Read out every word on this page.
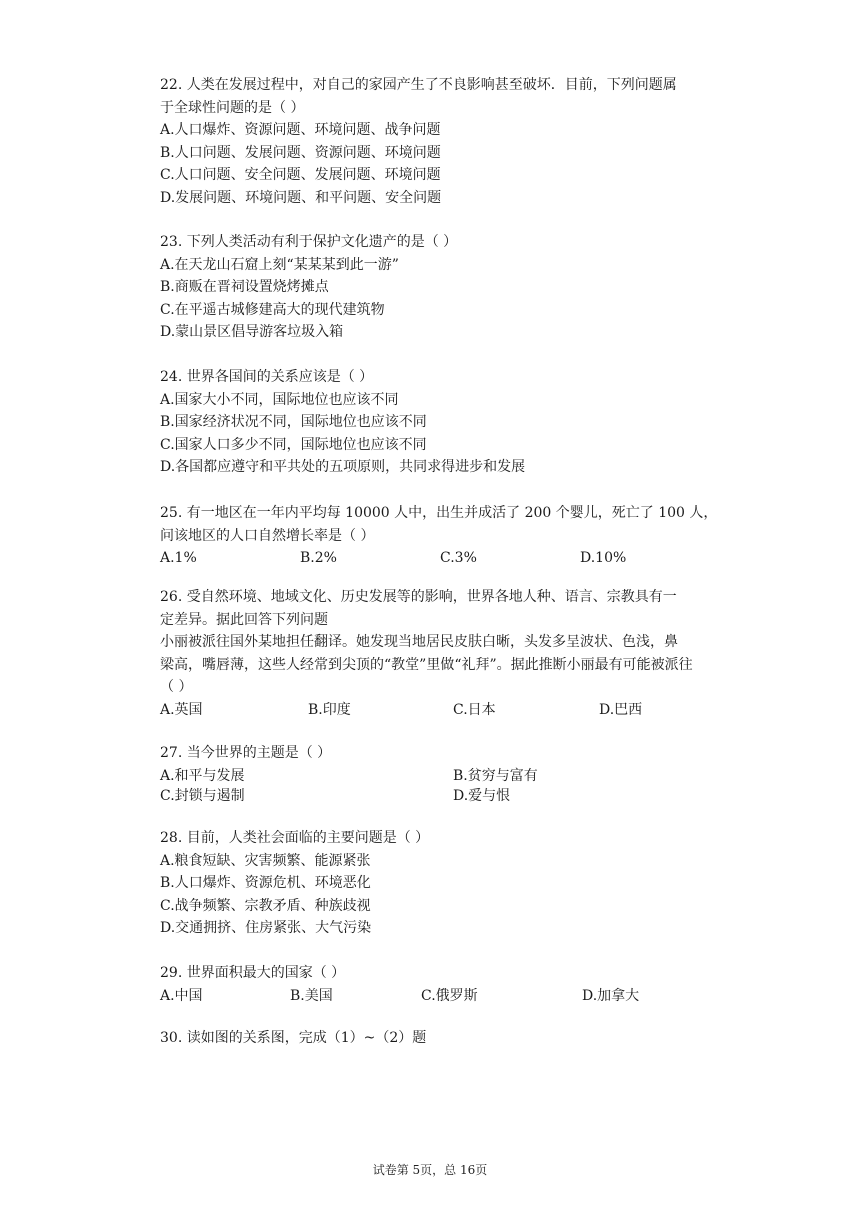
22. 人类在发展过程中，对自己的家园产生了不良影响甚至破坏．目前，下列问题属
于全球性问题的是（ ）
A.人口爆炸、资源问题、环境问题、战争问题
B.人口问题、发展问题、资源问题、环境问题
C.人口问题、安全问题、发展问题、环境问题
D.发展问题、环境问题、和平问题、安全问题
23. 下列人类活动有利于保护文化遗产的是（ ）
A.在天龙山石窟上刻“某某某到此一游”
B.商贩在晋祠设置烧烤摊点
C.在平遥古城修建高大的现代建筑物
D.蒙山景区倡导游客垃圾入箱
24. 世界各国间的关系应该是（ ）
A.国家大小不同，国际地位也应该不同
B.国家经济状况不同，国际地位也应该不同
C.国家人口多少不同，国际地位也应该不同
D.各国都应遵守和平共处的五项原则，共同求得进步和发展
25. 有一地区在一年内平均每 10000 人中，出生并成活了 200 个婴儿，死亡了 100 人，
问该地区的人口自然增长率是（ ）
A.1%	B.2%	C.3%	D.10%
26. 受自然环境、地域文化、历史发展等的影响，世界各地人种、语言、宗教具有一
定差异。据此回答下列问题
小丽被派往国外某地担任翻译。她发现当地居民皮肤白晰，头发多呈波状、色浅，鼻
梁高，嘴唇薄，这些人经常到尖顶的“教堂”里做“礼拜”。据此推断小丽最有可能被派往
（ ）
A.英国	B.印度	C.日本	D.巴西
27. 当今世界的主题是（ ）
A.和平与发展	B.贫穷与富有
C.封锁与遏制	D.爱与恨
28. 目前，人类社会面临的主要问题是（ ）
A.粮食短缺、灾害频繁、能源紧张
B.人口爆炸、资源危机、环境恶化
C.战争频繁、宗教矛盾、种族歧视
D.交通拥挤、住房紧张、大气污染
29. 世界面积最大的国家（ ）
A.中国	B.美国	C.俄罗斯	D.加拿大
30. 读如图的关系图，完成（1）~（2）题
试卷第 5页，总 16页
